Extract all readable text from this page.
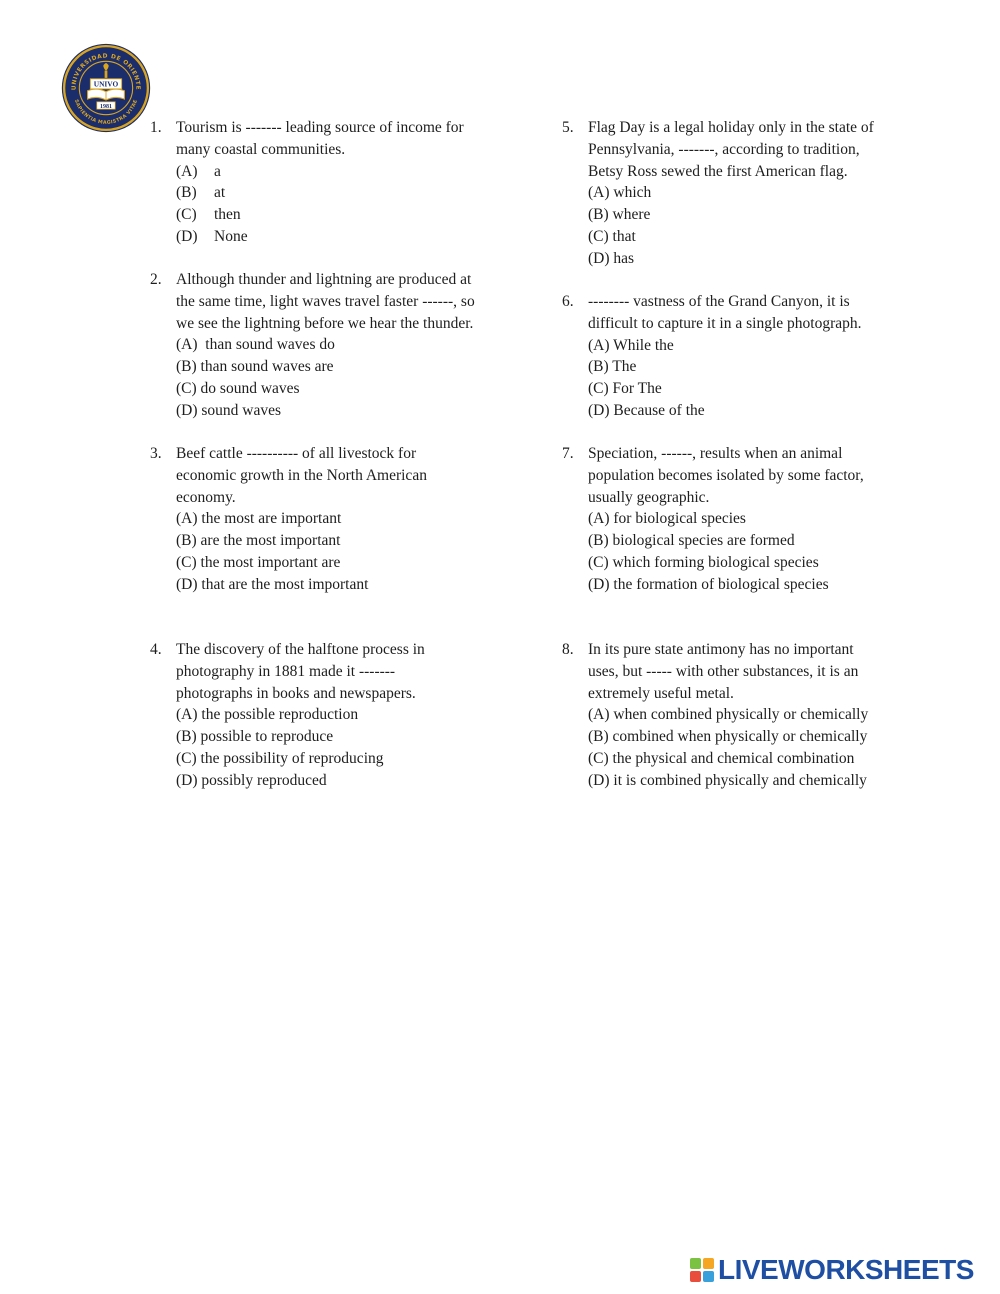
UNIVERSIDAD DE ORIENTE
SAPIENTIA MAGISTRA VITAE
UNIVO
1981
1. Tourism is ------- leading source of income for
many coastal communities.
(A) a
(B) at
(C) then
(D) None
2. Although thunder and lightning are produced at
the same time, light waves travel faster ------, so
we see the lightning before we hear the thunder.
(A)  than sound waves do
(B) than sound waves are
(C) do sound waves
(D) sound waves
3. Beef cattle ---------- of all livestock for
economic growth in the North American
economy.
(A) the most are important
(B) are the most important
(C) the most important are
(D) that are the most important
4. The discovery of the halftone process in
photography in 1881 made it -------
photographs in books and newspapers.
(A) the possible reproduction
(B) possible to reproduce
(C) the possibility of reproducing
(D) possibly reproduced
5. Flag Day is a legal holiday only in the state of
Pennsylvania, -------, according to tradition,
Betsy Ross sewed the first American flag.
(A) which
(B) where
(C) that
(D) has
6. -------- vastness of the Grand Canyon, it is
difficult to capture it in a single photograph.
(A) While the
(B) The
(C) For The
(D) Because of the
7. Speciation, ------, results when an animal
population becomes isolated by some factor,
usually geographic.
(A) for biological species
(B) biological species are formed
(C) which forming biological species
(D) the formation of biological species
8. In its pure state antimony has no important
uses, but ----- with other substances, it is an
extremely useful metal.
(A) when combined physically or chemically
(B) combined when physically or chemically
(C) the physical and chemical combination
(D) it is combined physically and chemically
LIVEWORKSHEETS
